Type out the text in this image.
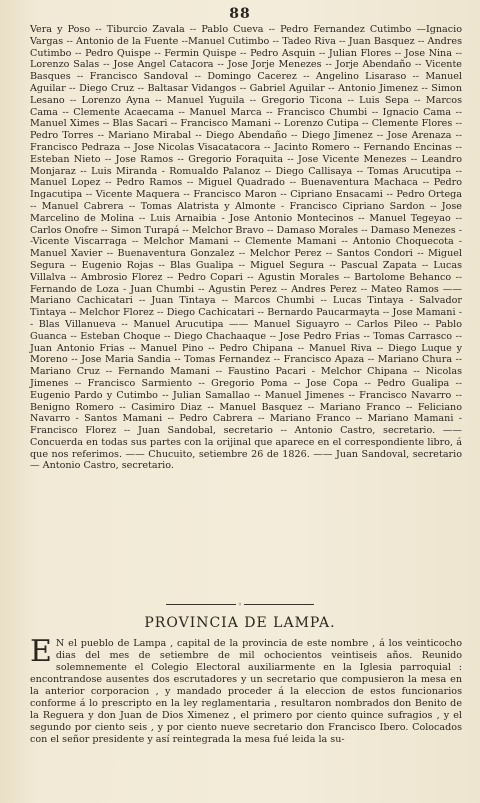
88

Vera y Poso -- Tiburcio Zavala -- Pablo Cueva -- Pedro Fernandez Cutimbo —Ignacio Vargas -- Antonio de la Fuente --Manuel Cutimbo -- Tadeo Riva -- Juan Basquez -- Andres Cutimbo -- Pedro Quispe -- Fermin Quispe -- Pedro Asquin -- Julian Flores -- Jose Nina -- Lorenzo Salas -- Jose Angel Catacora -- Jose Jorje Menezes -- Jorje Abendaño -- Vicente Basques -- Francisco Sandoval -- Domingo Cacerez -- Angelino Lisaraso -- Manuel Aguilar -- Diego Cruz -- Baltasar Vidangos -- Gabriel Aguilar -- Antonio Jimenez -- Simon Lesano -- Lorenzo Ayna -- Manuel Yuguila -- Gregorio Ticona -- Luis Sepa -- Marcos Cama -- Clemente Acaecama -- Manuel Marca -- Francisco Chumbi -- Ignacio Cama -- Manuel Ximes -- Blas Sacari -- Francisco Mamani -- Lorenzo Cutipa -- Clemente Flores -- Pedro Torres -- Mariano Mirabal -- Diego Abendaño -- Diego Jimenez -- Jose Arenaza -- Francisco Pedraza -- Jose Nicolas Visacatacora -- Jacinto Romero -- Fernando Encinas -- Esteban Nieto -- Jose Ramos -- Gregorio Foraquita -- Jose Vicente Menezes -- Leandro Monjaraz -- Luis Miranda - Romualdo Palanoz -- Diego Callisaya -- Tomas Arucutipa -- Manuel Lopez -- Pedro Ramos -- Miguel Quadrado -- Buenaventura Machaca -- Pedro Ingacutipa -- Vicente Maquera -- Francisco Maron -- Cipriano Ensacami -- Pedro Ortega -- Manuel Cabrera -- Tomas Alatrista y Almonte - Francisco Cipriano Sardon -- Jose Marcelino de Molina -- Luis Arnaibia - Jose Antonio Montecinos -- Manuel Tegeyao -- Carlos Onofre -- Simon Turapá -- Melchor Bravo -- Damaso Morales -- Damaso Menezes --Vicente Viscarraga -- Melchor Mamani -- Clemente Mamani -- Antonio Choquecota - Manuel Xavier -- Buenaventura Gonzalez -- Melchor Perez -- Santos Condori -- Miguel Segura -- Eugenio Rojas -- Blas Gualipa -- Miguel Segura -- Pascual Zapata -- Lucas Villalva -- Ambrosio Florez -- Pedro Copari -- Agustin Morales -- Bartolome Behanco -- Fernando de Loza - Juan Chumbi -- Agustin Perez -- Andres Perez -- Mateo Ramos —— Mariano Cachicatari -- Juan Tintaya -- Marcos Chumbi -- Lucas Tintaya - Salvador Tintaya -- Melchor Florez -- Diego Cachicatari -- Bernardo Paucarmayta -- Jose Mamani -- Blas Villanueva -- Manuel Arucutipa —— Manuel Siguayro -- Carlos Pileo -- Pablo Guanca -- Esteban Choque -- Diego Chachaaque -- Jose Pedro Frias -- Tomas Carrasco -- Juan Antonio Frias -- Manuel Pino -- Pedro Chipana -- Manuel Riva -- Diego Luque y Moreno -- Jose Maria Sandia -- Tomas Fernandez -- Francisco Apaza -- Mariano Chura -- Mariano Cruz -- Fernando Mamani -- Faustino Pacari - Melchor Chipana -- Nicolas Jimenes -- Francisco Sarmiento -- Gregorio Poma -- Jose Copa -- Pedro Gualipa -- Eugenio Pardo y Cutimbo -- Julian Samallao -- Manuel Jimenes -- Francisco Navarro -- Benigno Romero -- Casimiro Diaz -- Manuel Basquez -- Mariano Franco -- Feliciano Navarro - Santos Mamani -- Pedro Cabrera -- Mariano Franco -- Mariano Mamani - Francisco Florez -- Juan Sandobal, secretario -- Antonio Castro, secretario. —— Concuerda en todas sus partes con la orijinal que aparece en el correspondiente libro, á que nos referimos. —— Chucuito, setiembre 26 de 1826. —— Juan Sandoval, secretario — Antonio Castro, secretario.

◦
PROVINCIA DE LAMPA.
E N el pueblo de Lampa , capital de la provincia de este nombre , á los veinticocho dias del mes de setiembre de mil ochocientos veintiseis años. Reunido solemnemente el Colegio Electoral auxiliarmente en la Iglesia parroquial : encontrandose ausentes dos escrutadores y un secretario que compusieron la mesa en la anterior corporacion , y mandado proceder á la eleccion de estos funcionarios conforme á lo prescripto en la ley reglamentaria , resultaron nombrados don Benito de la Reguera y don Juan de Dios Ximenez , el primero por ciento quince sufragios , y el segundo por ciento seis , y por ciento nueve secretario don Francisco Ibero. Colocados con el señor presidente y así reintegrada la mesa fué leida la su-
